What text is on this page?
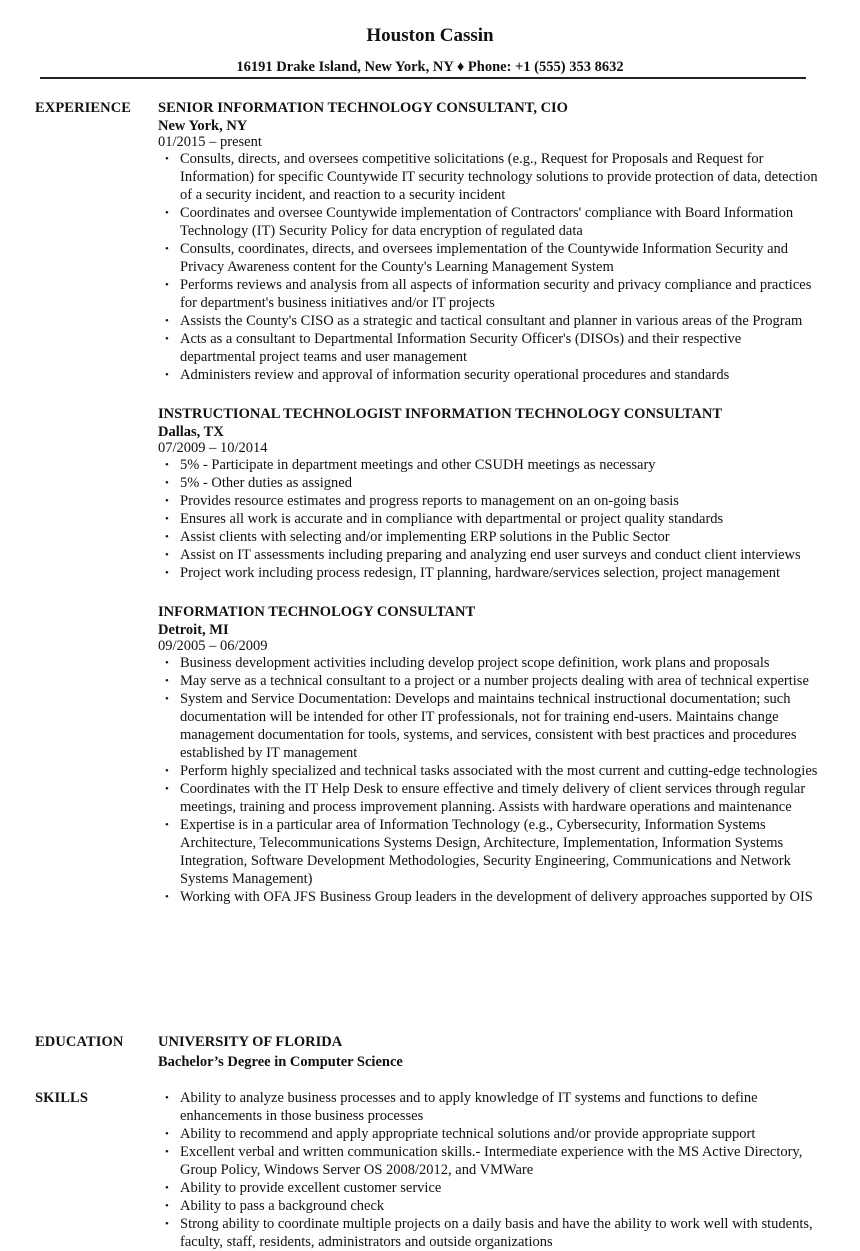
Houston Cassin
16191 Drake Island, New York, NY ♦ Phone: +1 (555) 353 8632
EXPERIENCE SENIOR INFORMATION TECHNOLOGY CONSULTANT, CIO
New York, NY
01/2015 – present
• Consults, directs, and oversees competitive solicitations (e.g., Request for Proposals and Request for Information) for specific Countywide IT security technology solutions to provide protection of data, detection of a security incident, and reaction to a security incident
• Coordinates and oversee Countywide implementation of Contractors' compliance with Board Information Technology (IT) Security Policy for data encryption of regulated data
• Consults, coordinates, directs, and oversees implementation of the Countywide Information Security and Privacy Awareness content for the County's Learning Management System
• Performs reviews and analysis from all aspects of information security and privacy compliance and practices for department's business initiatives and/or IT projects
• Assists the County's CISO as a strategic and tactical consultant and planner in various areas of the Program
• Acts as a consultant to Departmental Information Security Officer's (DISOs) and their respective departmental project teams and user management
• Administers review and approval of information security operational procedures and standards
INSTRUCTIONAL TECHNOLOGIST INFORMATION TECHNOLOGY CONSULTANT
Dallas, TX
07/2009 – 10/2014
• 5% - Participate in department meetings and other CSUDH meetings as necessary
• 5% - Other duties as assigned
• Provides resource estimates and progress reports to management on an on-going basis
• Ensures all work is accurate and in compliance with departmental or project quality standards
• Assist clients with selecting and/or implementing ERP solutions in the Public Sector
• Assist on IT assessments including preparing and analyzing end user surveys and conduct client interviews
• Project work including process redesign, IT planning, hardware/services selection, project management
INFORMATION TECHNOLOGY CONSULTANT
Detroit, MI
09/2005 – 06/2009
• Business development activities including develop project scope definition, work plans and proposals
• May serve as a technical consultant to a project or a number projects dealing with area of technical expertise
• System and Service Documentation: Develops and maintains technical instructional documentation; such documentation will be intended for other IT professionals, not for training end-users. Maintains change management documentation for tools, systems, and services, consistent with best practices and procedures established by IT management
• Perform highly specialized and technical tasks associated with the most current and cutting-edge technologies
• Coordinates with the IT Help Desk to ensure effective and timely delivery of client services through regular meetings, training and process improvement planning. Assists with hardware operations and maintenance
• Expertise is in a particular area of Information Technology (e.g., Cybersecurity, Information Systems Architecture, Telecommunications Systems Design, Architecture, Implementation, Information Systems Integration, Software Development Methodologies, Security Engineering, Communications and Network Systems Management)
• Working with OFA JFS Business Group leaders in the development of delivery approaches supported by OIS
EDUCATION UNIVERSITY OF FLORIDA
Bachelor’s Degree in Computer Science
SKILLS	• Ability to analyze business processes and to apply knowledge of IT systems and functions to define enhancements in those business processes
• Ability to recommend and apply appropriate technical solutions and/or provide appropriate support
• Excellent verbal and written communication skills.- Intermediate experience with the MS Active Directory, Group Policy, Windows Server OS 2008/2012, and VMWare
• Ability to provide excellent customer service
• Ability to pass a background check
• Strong ability to coordinate multiple projects on a daily basis and have the ability to work well with students, faculty, staff, residents, administrators and outside organizations
